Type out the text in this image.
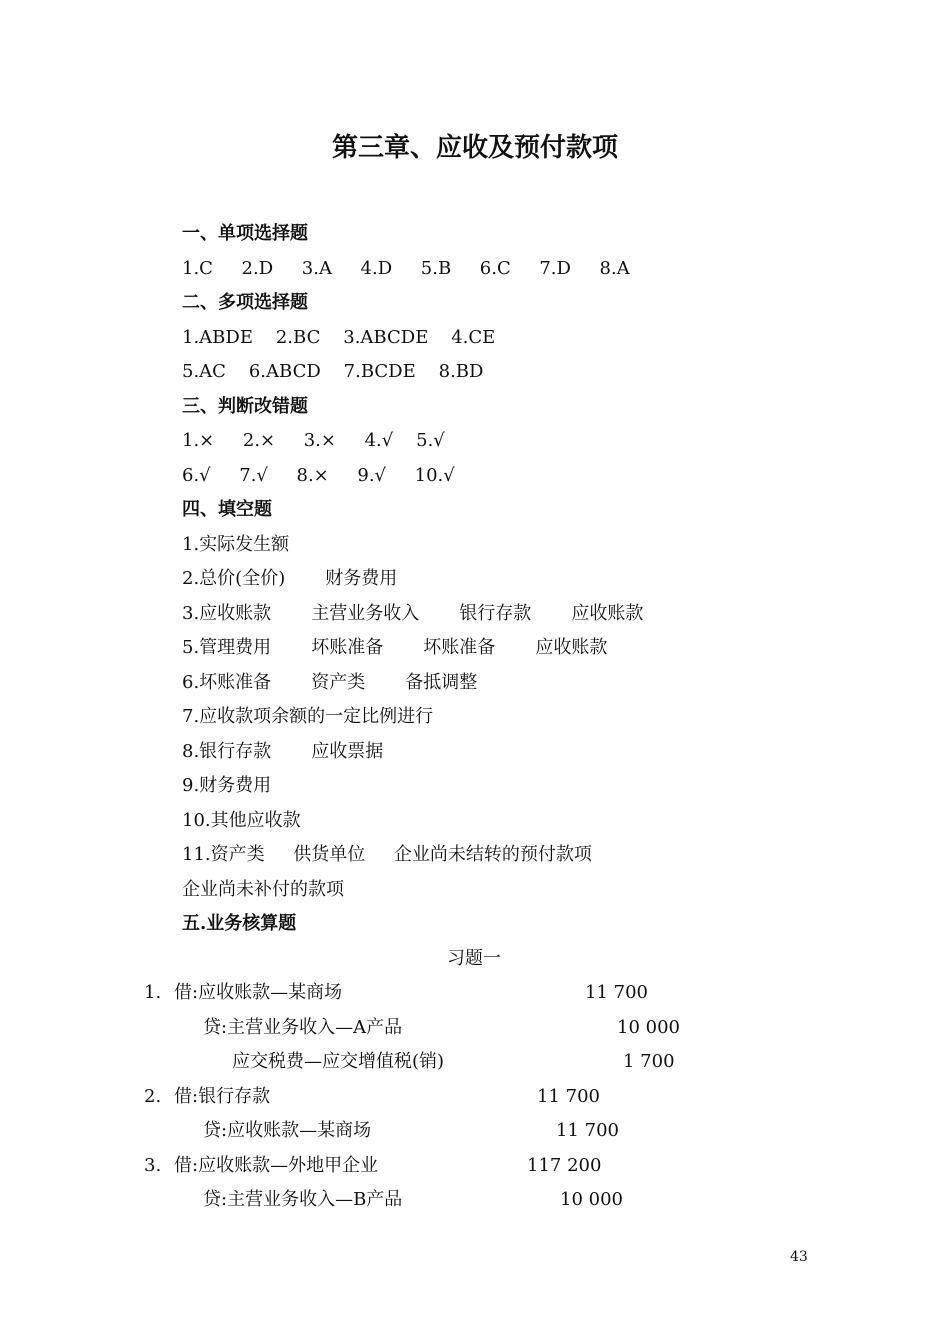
第三章、应收及预付款项
一、单项选择题
1.C     2.D     3.A     4.D     5.B     6.C     7.D     8.A
二、多项选择题
1.ABDE    2.BC    3.ABCDE    4.CE
5.AC    6.ABCD    7.BCDE    8.BD
三、判断改错题
1.×     2.×     3.×     4.√    5.√
6.√     7.√     8.×     9.√     10.√
四、填空题
1.实际发生额
2.总价(全价)       财务费用
3.应收账款       主营业务收入       银行存款       应收账款
5.管理费用       坏账准备       坏账准备       应收账款
6.坏账准备       资产类       备抵调整
7.应收款项余额的一定比例进行
8.银行存款       应收票据
9.财务费用
10.其他应收款
11.资产类     供货单位     企业尚未结转的预付款项
企业尚未补付的款项
五.业务核算题
习题一
1. 借:应收账款—某商场	11 700
贷:主营业务收入—A产品	10 000
应交税费—应交增值税(销)	1 700
2. 借:银行存款	11 700
贷:应收账款—某商场	11 700
3. 借:应收账款—外地甲企业	117 200
贷:主营业务收入—B产品	10 000
43
